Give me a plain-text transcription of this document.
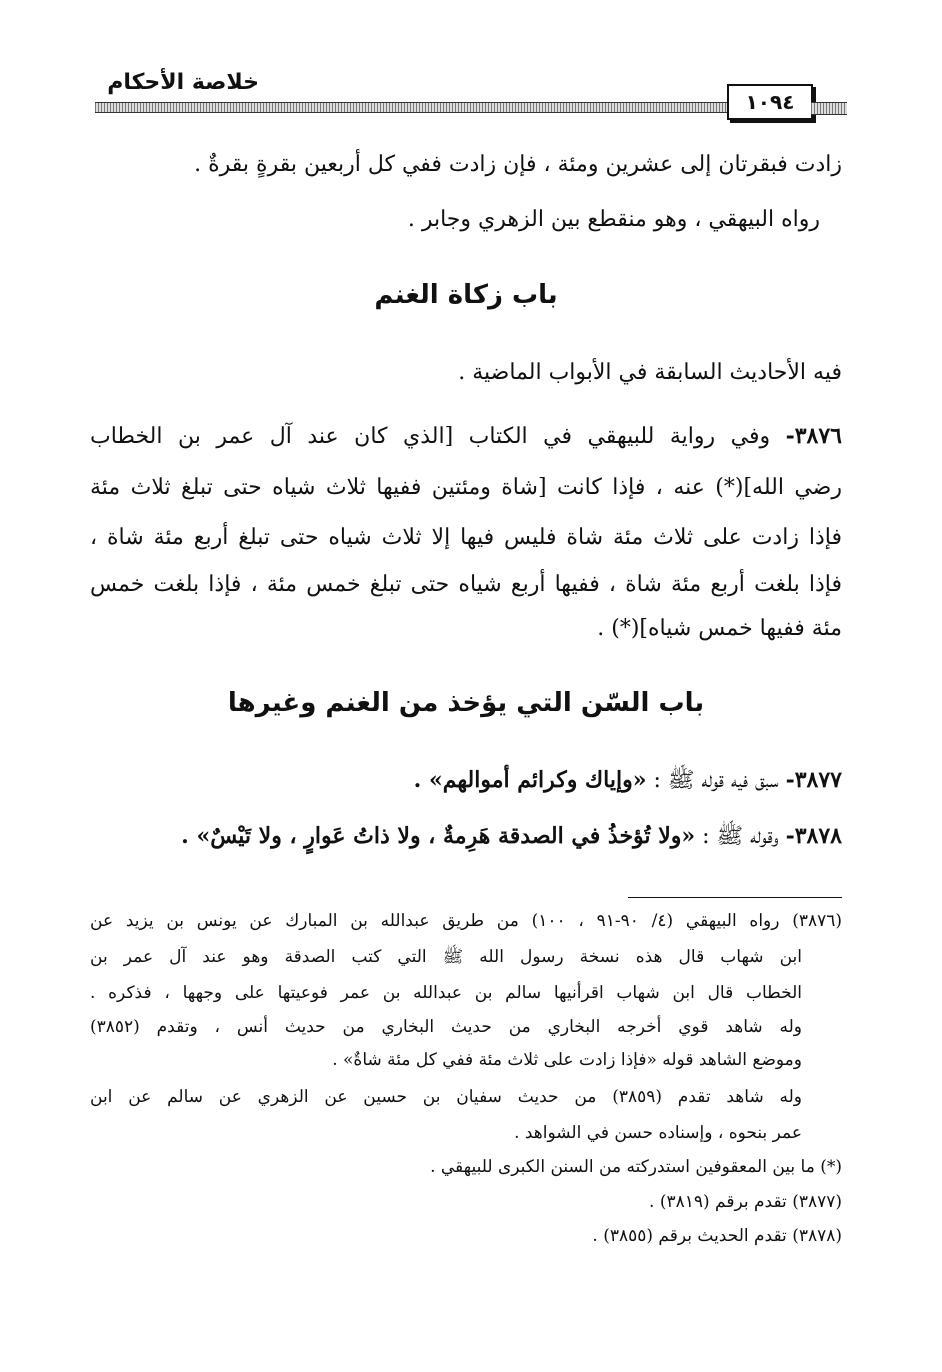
خلاصة الأحكام
١٠٩٤
زادت فبقرتان إلى عشرين ومئة ، فإن زادت ففي كل أربعين بقرةٍ بقرةٌ .
رواه البيهقي ، وهو منقطع بين الزهري وجابر .
باب زكاة الغنم
فيه الأحاديث السابقة في الأبواب الماضية .
٣٨٧٦- وفي رواية للبيهقي في الكتاب [الذي كان عند آل عمر بن الخطاب
رضي الله](*) عنه ، فإذا كانت [شاة ومئتين ففيها ثلاث شياه حتى تبلغ ثلاث مئة
فإذا زادت على ثلاث مئة شاة فليس فيها إلا ثلاث شياه حتى تبلغ أربع مئة شاة ،
فإذا بلغت أربع مئة شاة ، ففيها أربع شياه حتى تبلغ خمس مئة ، فإذا بلغت خمس
مئة ففيها خمس شياه](*) .
باب السّن التي يؤخذ من الغنم وغيرها
٣٨٧٧- سبق فيه قوله ﷺ : «وإياك وكرائم أموالهم» .
٣٨٧٨- وقوله ﷺ : «ولا تُؤخذُ في الصدقة هَرِمةٌ ، ولا ذاتُ عَوارٍ ، ولا تَيْسٌ» .
(٣٨٧٦) رواه البيهقي (٤/ ٩٠-٩١ ، ١٠٠) من طريق عبدالله بن المبارك عن يونس بن يزيد عن
ابن شهاب قال هذه نسخة رسول الله ﷺ التي كتب الصدقة وهو عند آل عمر بن
الخطاب قال ابن شهاب اقرأنيها سالم بن عبدالله بن عمر فوعيتها على وجهها ، فذكره .
وله شاهد قوي أخرجه البخاري من حديث البخاري من حديث أنس ، وتقدم (٣٨٥٢)
وموضع الشاهد قوله «فإذا زادت على ثلاث مئة ففي كل مئة شاةٌ» .
وله شاهد تقدم (٣٨٥٩) من حديث سفيان بن حسين عن الزهري عن سالم عن ابن
عمر بنحوه ، وإسناده حسن في الشواهد .
(*) ما بين المعقوفين استدركته من السنن الكبرى للبيهقي .
(٣٨٧٧) تقدم برقم (٣٨١٩) .
(٣٨٧٨) تقدم الحديث برقم (٣٨٥٥) .
